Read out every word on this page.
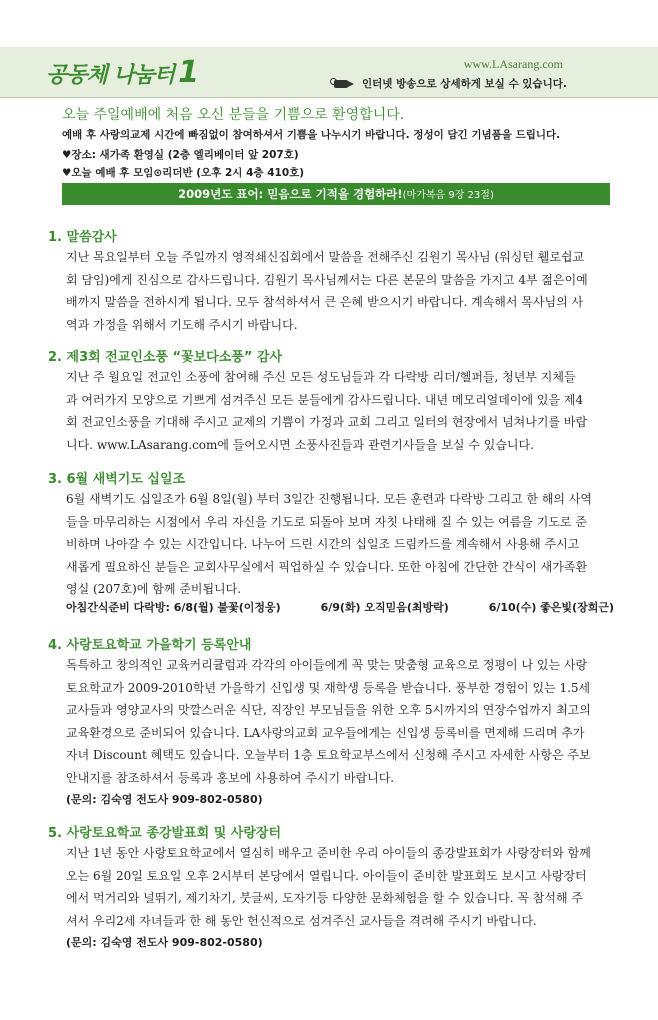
공동체 나눔터 1	www.LAsarang.com
인터넷 방송으로 상세하게 보실 수 있습니다.
오늘 주일예배에 처음 오신 분들을 기쁨으로 환영합니다.
예배 후 사랑의교제 시간에 빠짐없이 참여하셔서 기쁨을 나누시기 바랍니다. 정성이 담긴 기념품을 드립니다.
♥장소: 새가족 환영실 (2층 엘리베이터 앞 207호)
♥오늘 예배 후 모임⊙리더반 (오후 2시 4층 410호)
2009년도 표어: 믿음으로 기적을 경험하라!(마가복음 9장 23절)
1. 말씀감사
지난 목요일부터 오늘 주일까지 영적쇄신집회에서 말씀을 전해주신 김원기 목사님 (워싱턴 휄로쉽교
회 담임)에게 진심으로 감사드립니다. 김원기 목사님께서는 다른 본문의 말씀을 가지고 4부 젊은이예
배까지 말씀을 전하시게 됩니다. 모두 참석하셔서 큰 은혜 받으시기 바랍니다. 계속해서 목사님의 사
역과 가정을 위해서 기도해 주시기 바랍니다.
2. 제3회 전교인소풍 “꽃보다소풍” 감사
지난 주 월요일 전교인 소풍에 참여해 주신 모든 성도님들과 각 다락방 리더/헬퍼들, 청년부 지체들
과 여러가지 모양으로 기쁘게 섬겨주신 모든 분들에게 감사드립니다. 내년 메모리얼데이에 있을 제4
회 전교인소풍을 기대해 주시고 교제의 기쁨이 가정과 교회 그리고 일터의 현장에서 넘쳐나기를 바랍
니다. www.LAsarang.com에 들어오시면 소풍사진들과 관련기사들을 보실 수 있습니다.
3. 6월 새벽기도 십일조
6월 새벽기도 십일조가 6월 8일(월) 부터 3일간 진행됩니다. 모든 훈련과 다락방 그리고 한 해의 사역
들을 마무리하는 시점에서 우리 자신을 기도로 되돌아 보며 자칫 나태해 질 수 있는 여름을 기도로 준
비하며 나아갈 수 있는 시간입니다. 나누어 드린 시간의 십일조 드림카드를 계속해서 사용해 주시고
새롭게 필요하신 분들은 교회사무실에서 픽업하실 수 있습니다. 또한 아침에 간단한 간식이 새가족환
영실 (207호)에 함께 준비됩니다.
아침간식준비 다락방: 6/8(월) 불꽃(이정웅)	6/9(화) 오직믿음(최방락)	6/10(수) 좋은빛(장희근)
4. 사랑토요학교 가을학기 등록안내
독특하고 창의적인 교육커리큘럼과 각각의 아이들에게 꼭 맞는 맞춤형 교육으로 정평이 나 있는 사랑
토요학교가 2009-2010학년 가을학기 신입생 및 재학생 등록을 받습니다. 풍부한 경험이 있는 1.5세
교사들과 영양교사의 맛깔스러운 식단, 직장인 부모님들을 위한 오후 5시까지의 연장수업까지 최고의
교육환경으로 준비되어 있습니다. LA사랑의교회 교우들에게는 신입생 등록비를 면제해 드리며 추가
자녀 Discount 혜택도 있습니다. 오늘부터 1층 토요학교부스에서 신청해 주시고 자세한 사항은 주보
안내지를 참조하셔서 등록과 홍보에 사용하여 주시기 바랍니다.
(문의: 김숙영 전도사 909-802-0580)
5. 사랑토요학교 종강발표회 및 사랑장터
지난 1년 동안 사랑토요학교에서 열심히 배우고 준비한 우리 아이들의 종강발표회가 사랑장터와 함께
오는 6월 20일 토요일 오후 2시부터 본당에서 열립니다. 아이들이 준비한 발표회도 보시고 사랑장터
에서 먹거리와 널뛰기, 제기차기, 붓글씨, 도자기등 다양한 문화체험을 할 수 있습니다. 꼭 참석해 주
셔서 우리2세 자녀들과 한 해 동안 헌신적으로 섬겨주신 교사들을 격려해 주시기 바랍니다.
(문의: 김숙영 전도사 909-802-0580)
